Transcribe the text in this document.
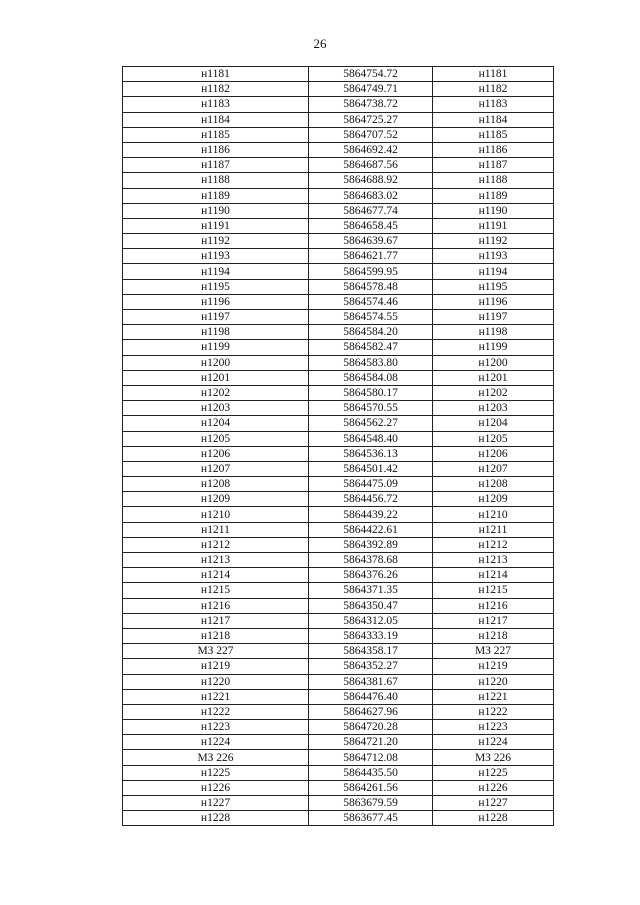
26
н1181	5864754.72	н1181
н1182	5864749.71	н1182
н1183	5864738.72	н1183
н1184	5864725.27	н1184
н1185	5864707.52	н1185
н1186	5864692.42	н1186
н1187	5864687.56	н1187
н1188	5864688.92	н1188
н1189	5864683.02	н1189
н1190	5864677.74	н1190
н1191	5864658.45	н1191
н1192	5864639.67	н1192
н1193	5864621.77	н1193
н1194	5864599.95	н1194
н1195	5864578.48	н1195
н1196	5864574.46	н1196
н1197	5864574.55	н1197
н1198	5864584.20	н1198
н1199	5864582.47	н1199
н1200	5864583.80	н1200
н1201	5864584.08	н1201
н1202	5864580.17	н1202
н1203	5864570.55	н1203
н1204	5864562.27	н1204
н1205	5864548.40	н1205
н1206	5864536.13	н1206
н1207	5864501.42	н1207
н1208	5864475.09	н1208
н1209	5864456.72	н1209
н1210	5864439.22	н1210
н1211	5864422.61	н1211
н1212	5864392.89	н1212
н1213	5864378.68	н1213
н1214	5864376.26	н1214
н1215	5864371.35	н1215
н1216	5864350.47	н1216
н1217	5864312.05	н1217
н1218	5864333.19	н1218
МЗ 227	5864358.17	МЗ 227
н1219	5864352.27	н1219
н1220	5864381.67	н1220
н1221	5864476.40	н1221
н1222	5864627.96	н1222
н1223	5864720.28	н1223
н1224	5864721.20	н1224
МЗ 226	5864712.08	МЗ 226
н1225	5864435.50	н1225
н1226	5864261.56	н1226
н1227	5863679.59	н1227
н1228	5863677.45	н1228
